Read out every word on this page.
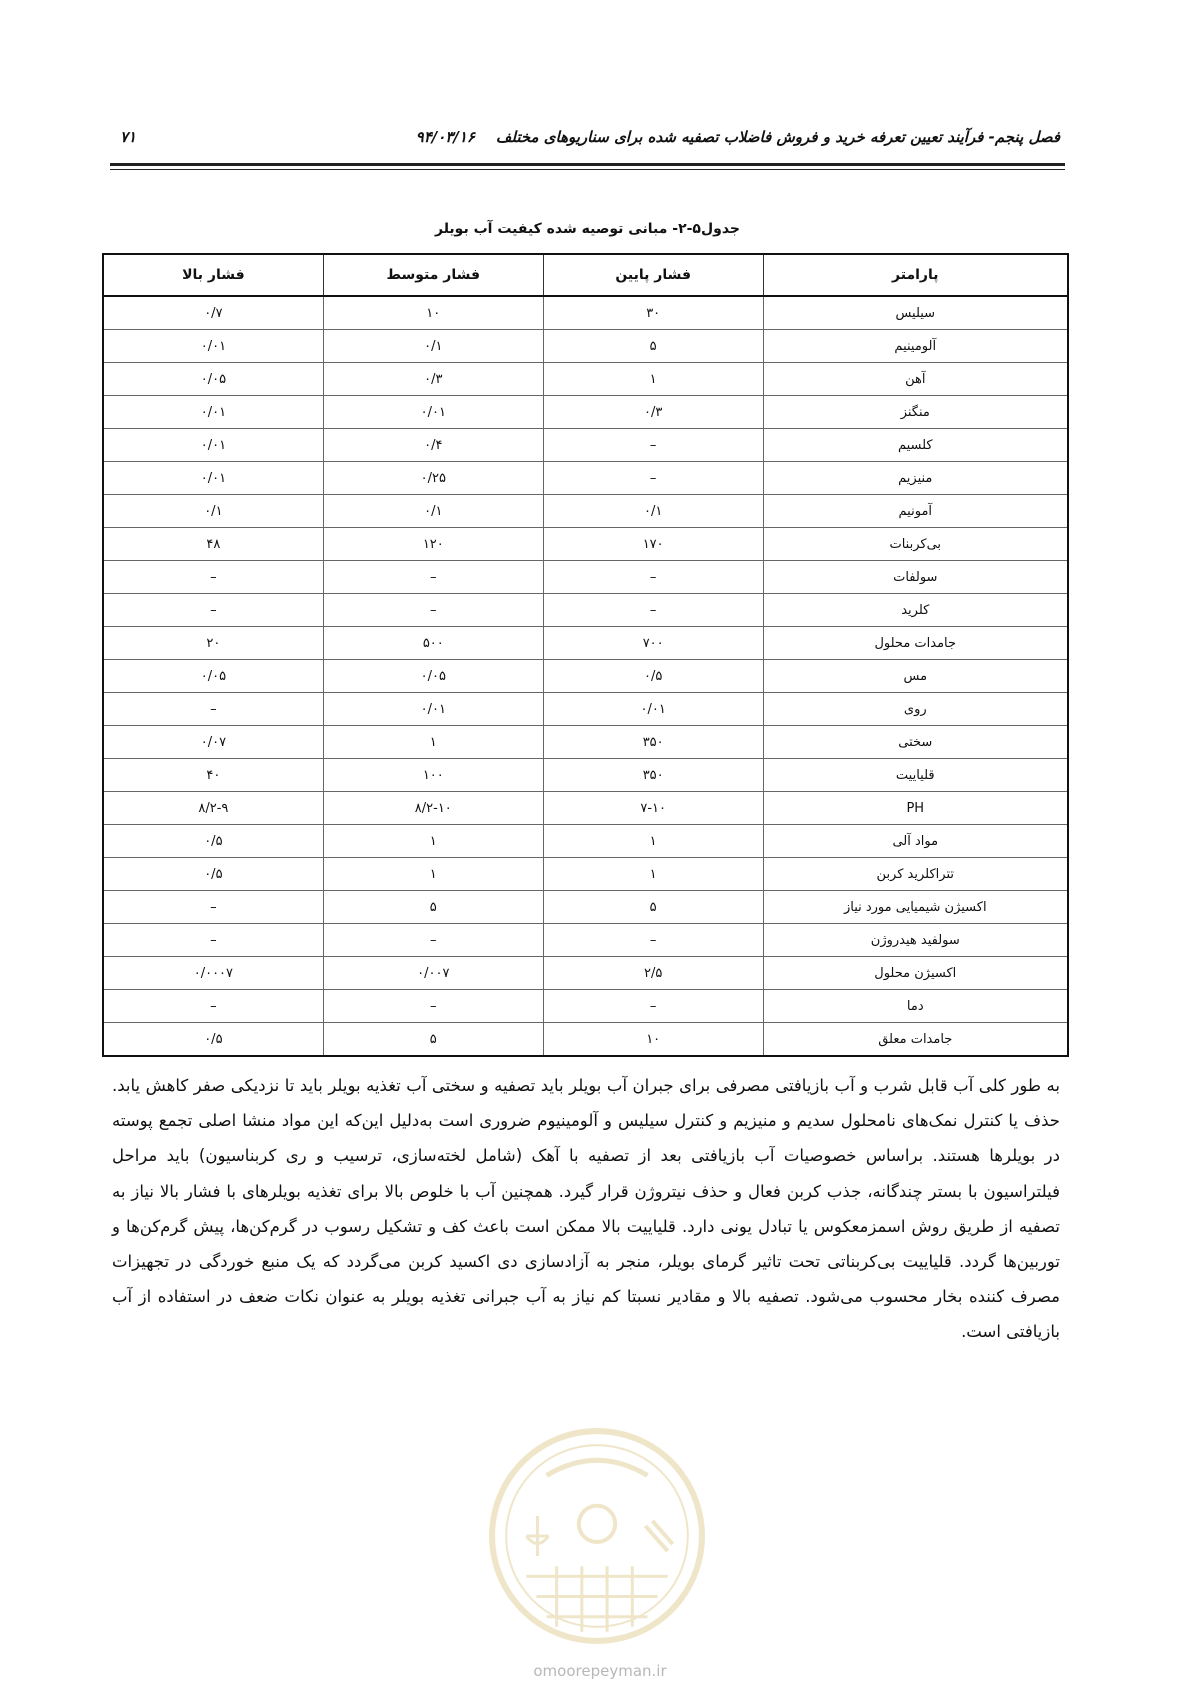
فصل پنجم- فرآیند تعیین تعرفه خرید و فروش فاضلاب تصفیه شده برای سناریوهای مختلف    ۹۴/۰۳/۱۶
۷۱
جدول۵-۲- مبانی توصیه شده کیفیت آب بویلر
پارامتر	فشار پایین	فشار متوسط	فشار بالا
سیلیس	۳۰	۱۰	۰/۷
آلومینیم	۵	۰/۱	۰/۰۱
آهن	۱	۰/۳	۰/۰۵
منگنز	۰/۳	۰/۰۱	۰/۰۱
کلسیم	–	۰/۴	۰/۰۱
منیزیم	–	۰/۲۵	۰/۰۱
آمونیم	۰/۱	۰/۱	۰/۱
بی‌کربنات	۱۷۰	۱۲۰	۴۸
سولفات	–	–	–
کلرید	–	–	–
جامدات محلول	۷۰۰	۵۰۰	۲۰
مس	۰/۵	۰/۰۵	۰/۰۵
روی	۰/۰۱	۰/۰۱	–
سختی	۳۵۰	۱	۰/۰۷
قلیاییت	۳۵۰	۱۰۰	۴۰
PH	۷-۱۰	۸/۲-۱۰	۸/۲-۹
مواد آلی	۱	۱	۰/۵
تتراکلرید کربن	۱	۱	۰/۵
اکسیژن شیمیایی مورد نیاز	۵	۵	–
سولفید هیدروژن	–	–	–
اکسیژن محلول	۲/۵	۰/۰۰۷	۰/۰۰۰۷
دما	–	–	–
جامدات معلق	۱۰	۵	۰/۵
به طور کلی آب قابل شرب و آب بازیافتی مصرفی برای جبران آب بویلر باید تصفیه و سختی آب تغذیه بویلر باید تا نزدیکی صفر کاهش یابد. حذف یا کنترل نمک‌های نامحلول سدیم و منیزیم و کنترل سیلیس و آلومینیوم ضروری است به‌دلیل این‌که این مواد منشا اصلی تجمع پوسته در بویلرها هستند. براساس خصوصیات آب بازیافتی بعد از تصفیه با آهک (شامل لخته‌سازی، ترسیب و ری کربناسیون) باید مراحل فیلتراسیون با بستر چندگانه، جذب کربن فعال و حذف نیتروژن قرار گیرد. همچنین آب با خلوص بالا برای تغذیه بویلرهای با فشار بالا نیاز به تصفیه از طریق روش اسمزمعکوس یا تبادل یونی دارد. قلیاییت بالا ممکن است باعث کف و تشکیل رسوب در گرم‌کن‌ها، پیش گرم‌کن‌ها و توربین‌ها گردد. قلیاییت بی‌کربناتی تحت تاثیر گرمای بویلر، منجر به آزادسازی دی اکسید کربن می‌گردد که یک منبع خوردگی در تجهیزات مصرف کننده بخار محسوب می‌شود. تصفیه بالا و مقادیر نسبتا کم نیاز به آب جبرانی تغذیه بویلر به عنوان نکات ضعف در استفاده از آب بازیافتی است.
omoorepeyman.ir
